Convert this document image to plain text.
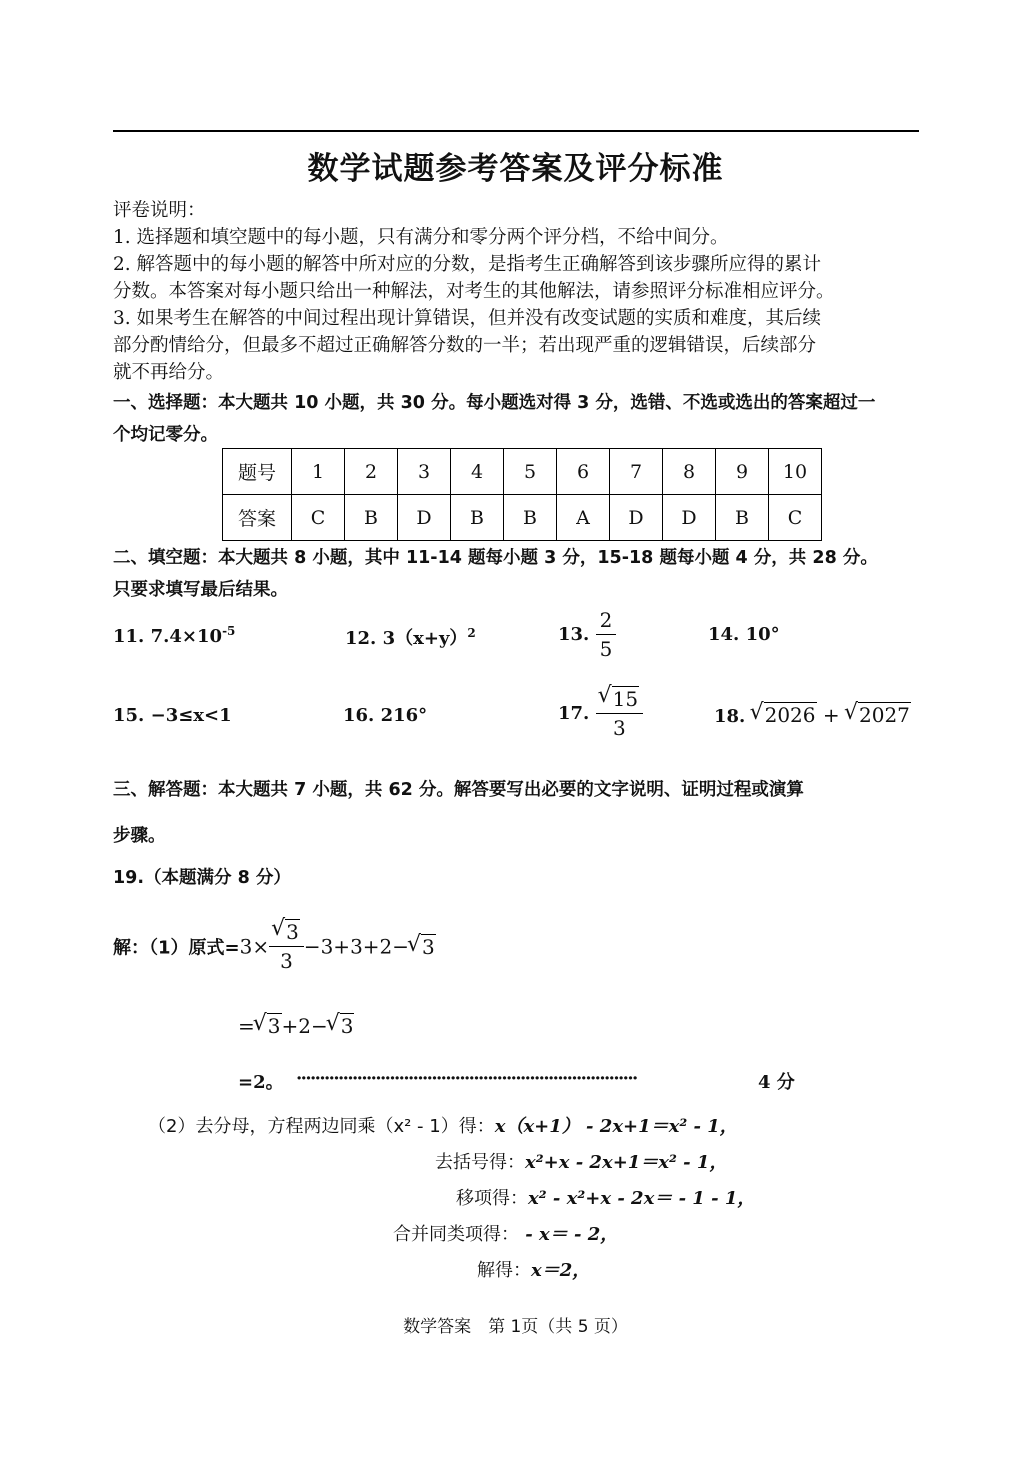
数学试题参考答案及评分标准

评卷说明：

1. 选择题和填空题中的每小题，只有满分和零分两个评分档，不给中间分。

2. 解答题中的每小题的解答中所对应的分数，是指考生正确解答到该步骤所应得的累计

分数。本答案对每小题只给出一种解法，对考生的其他解法，请参照评分标准相应评分。

3. 如果考生在解答的中间过程出现计算错误，但并没有改变试题的实质和难度，其后续

部分酌情给分，但最多不超过正确解答分数的一半；若出现严重的逻辑错误，后续部分

就不再给分。

一、选择题：本大题共 10 小题，共 30 分。每小题选对得 3 分，选错、不选或选出的答案超过一
个均记零分。
题号	1	2	3	4	5	6	7	8	9	10
答案	C	B	D	B	B	A	D	D	B	C
二、填空题：本大题共 8 小题，其中 11-14 题每小题 3 分，15-18 题每小题 4 分，共 28 分。
只要求填写最后结果。
11. $7.4\times 10^{-5}$	12. $3(x+y)^2$	13. $\frac{2}{5}$	14. 10°
15. −3≤x<1	16. 216°	17. √ $\frac{15}{3}$	18. √ 2026 + √ 2027
三、解答题：本大题共 7 小题，共 62 分。解答要写出必要的文字说明、证明过程或演算
步骤。
19.（本题满分 8 分）
解：（1）原式=3× √ $\frac{3}{3} -3+3+2-$ √ 3
= √ 3+2− √ 3
=2。 ·········································································	4 分
（2）去分母，方程两边同乘（x² - 1）得：x（x+1） - 2x+1＝x² - 1，
去括号得：x²+x - 2x+1＝x² - 1，
移项得：x² - x²+x - 2x＝ - 1 - 1，
合并同类项得： - x＝ - 2，
解得：x＝2，
数学答案　第 1页（共 5 页）
